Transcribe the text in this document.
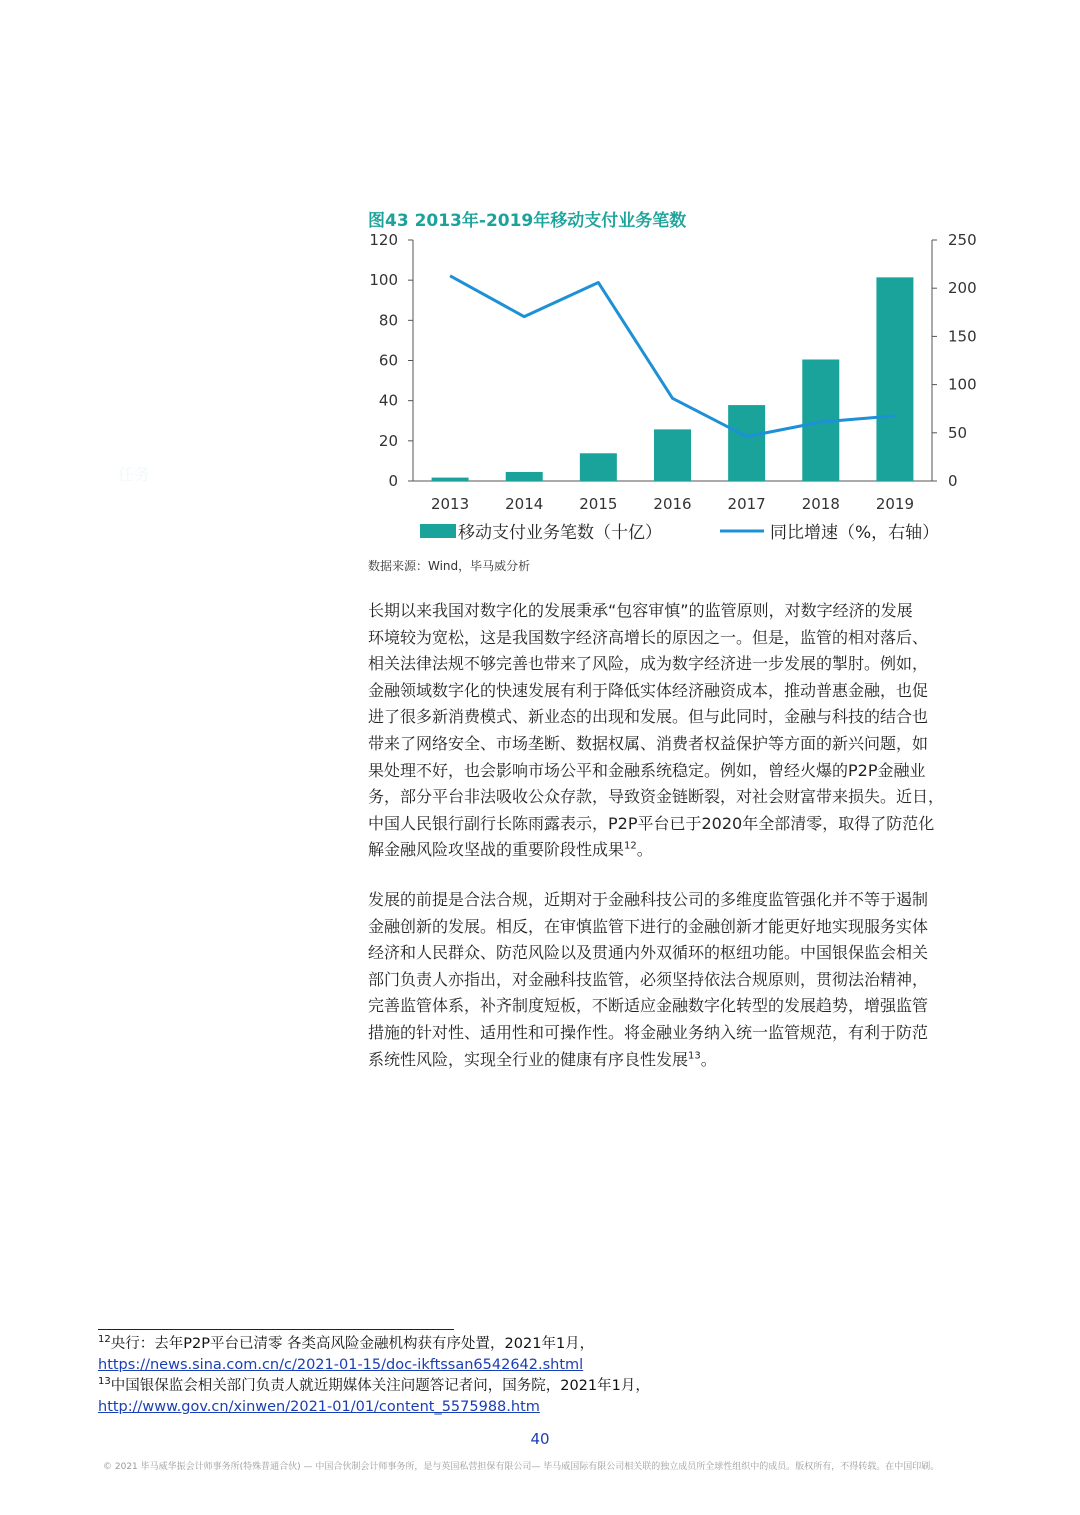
任务
图43 2013年-2019年移动支付业务笔数
0
20
40
60
80
100
120
0
50
100
150
200
250
2013 2014 2015 2016 2017 2018 2019
移动支付业务笔数（十亿）	同比增速（%，右轴）
数据来源：Wind，毕马威分析
长期以来我国对数字化的发展秉承“包容审慎”的监管原则，对数字经济的发展
环境较为宽松，这是我国数字经济高增长的原因之一。但是，监管的相对落后、
相关法律法规不够完善也带来了风险，成为数字经济进一步发展的掣肘。例如，
金融领域数字化的快速发展有利于降低实体经济融资成本，推动普惠金融，也促
进了很多新消费模式、新业态的出现和发展。但与此同时，金融与科技的结合也
带来了网络安全、市场垄断、数据权属、消费者权益保护等方面的新兴问题，如
果处理不好，也会影响市场公平和金融系统稳定。例如，曾经火爆的P2P金融业
务，部分平台非法吸收公众存款，导致资金链断裂，对社会财富带来损失。近日，
中国人民银行副行长陈雨露表示，P2P平台已于2020年全部清零，取得了防范化
解金融风险攻坚战的重要阶段性成果$^{12}$。
发展的前提是合法合规，近期对于金融科技公司的多维度监管强化并不等于遏制
金融创新的发展。相反，在审慎监管下进行的金融创新才能更好地实现服务实体
经济和人民群众、防范风险以及贯通内外双循环的枢纽功能。中国银保监会相关
部门负责人亦指出，对金融科技监管，必须坚持依法合规原则，贯彻法治精神，
完善监管体系，补齐制度短板，不断适应金融数字化转型的发展趋势，增强监管
措施的针对性、适用性和可操作性。将金融业务纳入统一监管规范，有利于防范
系统性风险，实现全行业的健康有序良性发展$^{13}$。
$^{12}$央行：去年P2P平台已清零 各类高风险金融机构获有序处置，2021年1月，
https://news.sina.com.cn/c/2021-01-15/doc-ikftssan6542642.shtml
$^{13}$中国银保监会相关部门负责人就近期媒体关注问题答记者问，国务院，2021年1月，
http://www.gov.cn/xinwen/2021-01/01/content_5575988.htm
40
© 2021 毕马威华振会计师事务所(特殊普通合伙) — 中国合伙制会计师事务所，是与英国私营担保有限公司— 毕马威国际有限公司相关联的独立成员所全球性组织中的成员。版权所有，不得转载。在中国印刷。
